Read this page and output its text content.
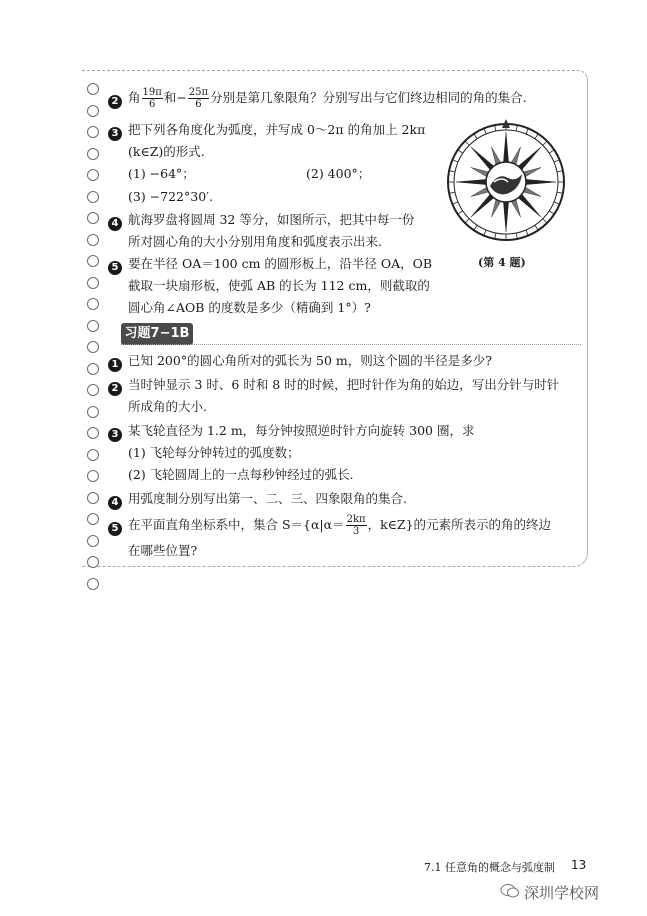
2 角 $\frac{19\pi}{6}$ 和− $\frac{25\pi}{6}$ 分别是第几象限角？分别写出与它们终边相同的角的集合.
3 把下列各角度化为弧度，并写成 0～2π 的角加上 2kπ
(k∈Z)的形式.
(1) −64°；	(2) 400°；
(3) −722°30′.
4 航海罗盘将圆周 32 等分，如图所示，把其中每一份
所对圆心角的大小分别用角度和弧度表示出来.
5 要在半径 OA＝100 cm 的圆形板上，沿半径 OA，OB
截取一块扇形板，使弧 AB 的长为 112 cm，则截取的
圆心角∠AOB 的度数是多少（精确到 1°）?
(第 4 题)
习题7−1B
1 已知 200°的圆心角所对的弧长为 50 m，则这个圆的半径是多少?
2 当时钟显示 3 时、6 时和 8 时的时候，把时针作为角的始边，写出分针与时针
所成角的大小.
3 某飞轮直径为 1.2 m，每分钟按照逆时针方向旋转 300 圈，求
(1) 飞轮每分钟转过的弧度数；
(2) 飞轮圆周上的一点每秒钟经过的弧长.
4 用弧度制分别写出第一、二、三、四象限角的集合.
5 在平面直角坐标系中，集合 $S=\{\alpha|\alpha= \frac{2k\pi}{3}$ ，k∈Z}的元素所表示的角的终边
在哪些位置?
7.1 任意角的概念与弧度制 13
深圳学校网
